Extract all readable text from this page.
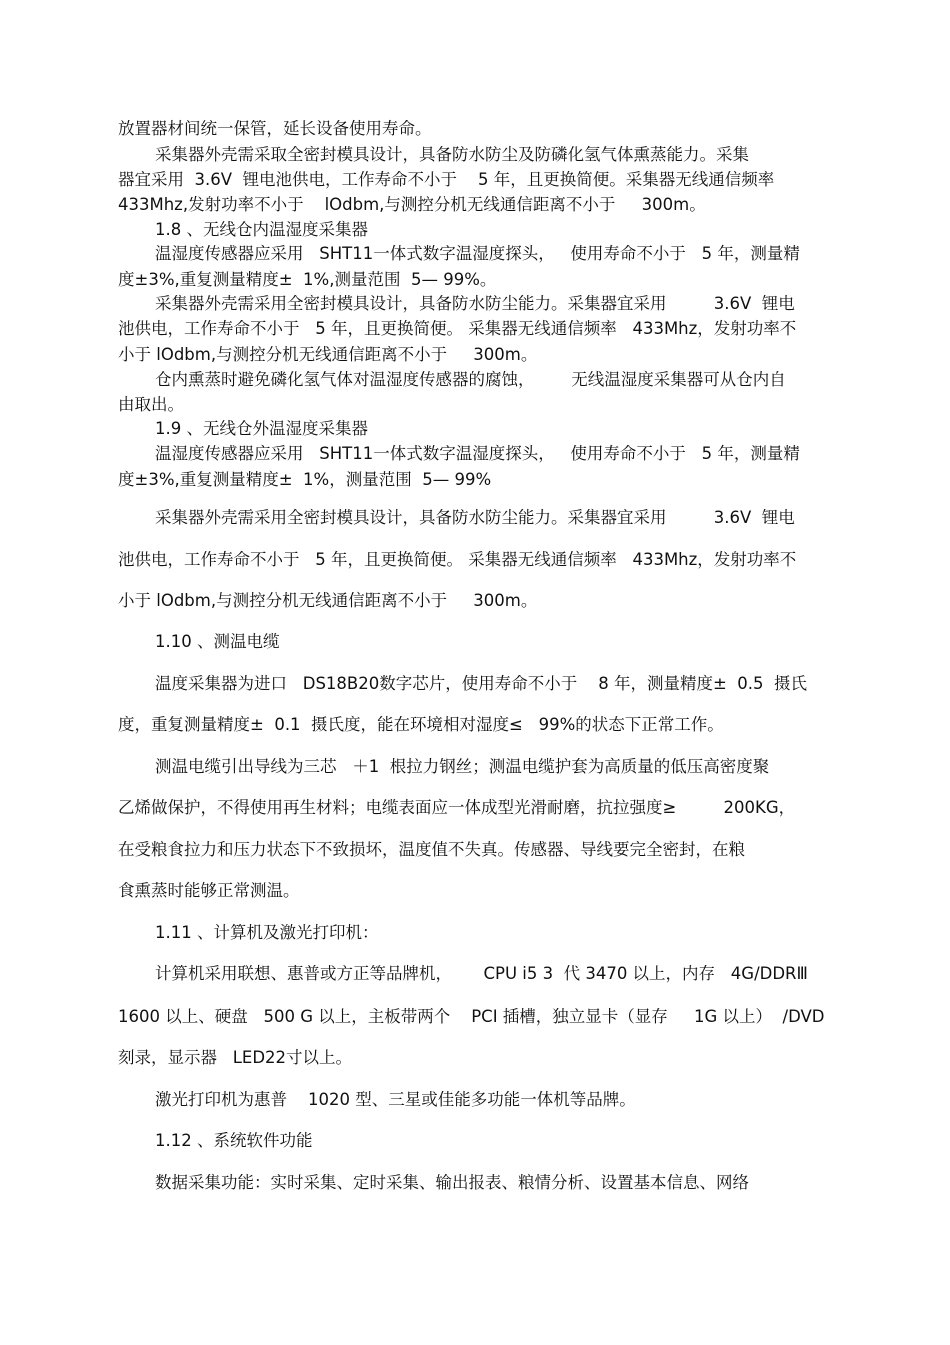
放置器材间统一保管，延长设备使用寿命。

采集器外壳需采取全密封模具设计，具备防水防尘及防磷化氢气体熏蒸能力。采集

器宜采用  3.6V  锂电池供电，工作寿命不小于    5 年，且更换简便。采集器无线通信频率

433Mhz,发射功率不小于    lOdbm,与测控分机无线通信距离不小于     300m。

1.8 、无线仓内温湿度采集器

温湿度传感器应采用   SHT11一体式数字温湿度探头，   使用寿命不小于   5 年，测量精

度±3%,重复测量精度±  1%,测量范围  5— 99%。

采集器外壳需采用全密封模具设计，具备防水防尘能力。采集器宜采用         3.6V  锂电

池供电，工作寿命不小于   5 年，且更换简便。 采集器无线通信频率   433Mhz，发射功率不

小于 lOdbm,与测控分机无线通信距离不小于     300m。

仓内熏蒸时避免磷化氢气体对温湿度传感器的腐蚀，       无线温湿度采集器可从仓内自

由取出。

1.9 、无线仓外温湿度采集器

温湿度传感器应采用   SHT11一体式数字温湿度探头，   使用寿命不小于   5 年，测量精

度±3%,重复测量精度±  1%，测量范围  5— 99%

采集器外壳需采用全密封模具设计，具备防水防尘能力。采集器宜采用         3.6V  锂电

池供电，工作寿命不小于   5 年，且更换简便。 采集器无线通信频率   433Mhz，发射功率不

小于 lOdbm,与测控分机无线通信距离不小于     300m。

1.10 、测温电缆

温度采集器为进口   DS18B20数字芯片，使用寿命不小于    8 年，测量精度±  0.5  摄氏

度，重复测量精度±  0.1  摄氏度，能在环境相对湿度≤   99%的状态下正常工作。

测温电缆引出导线为三芯   ＋1  根拉力钢丝；测温电缆护套为高质量的低压高密度聚

乙烯做保护，不得使用再生材料；电缆表面应一体成型光滑耐磨，抗拉强度≥         200KG，

在受粮食拉力和压力状态下不致损坏，温度值不失真。传感器、导线要完全密封，在粮

食熏蒸时能够正常测温。

1.11 、计算机及激光打印机：

计算机采用联想、惠普或方正等品牌机，      CPU i5 3  代 3470 以上，内存   4G/DDRⅢ

1600 以上、硬盘   500 G 以上，主板带两个    PCI 插槽，独立显卡（显存     1G 以上）  /DVD

刻录，显示器   LED22寸以上。

激光打印机为惠普    1020 型、三星或佳能多功能一体机等品牌。

1.12 、系统软件功能

数据采集功能：实时采集、定时采集、输出报表、粮情分析、设置基本信息、网络
